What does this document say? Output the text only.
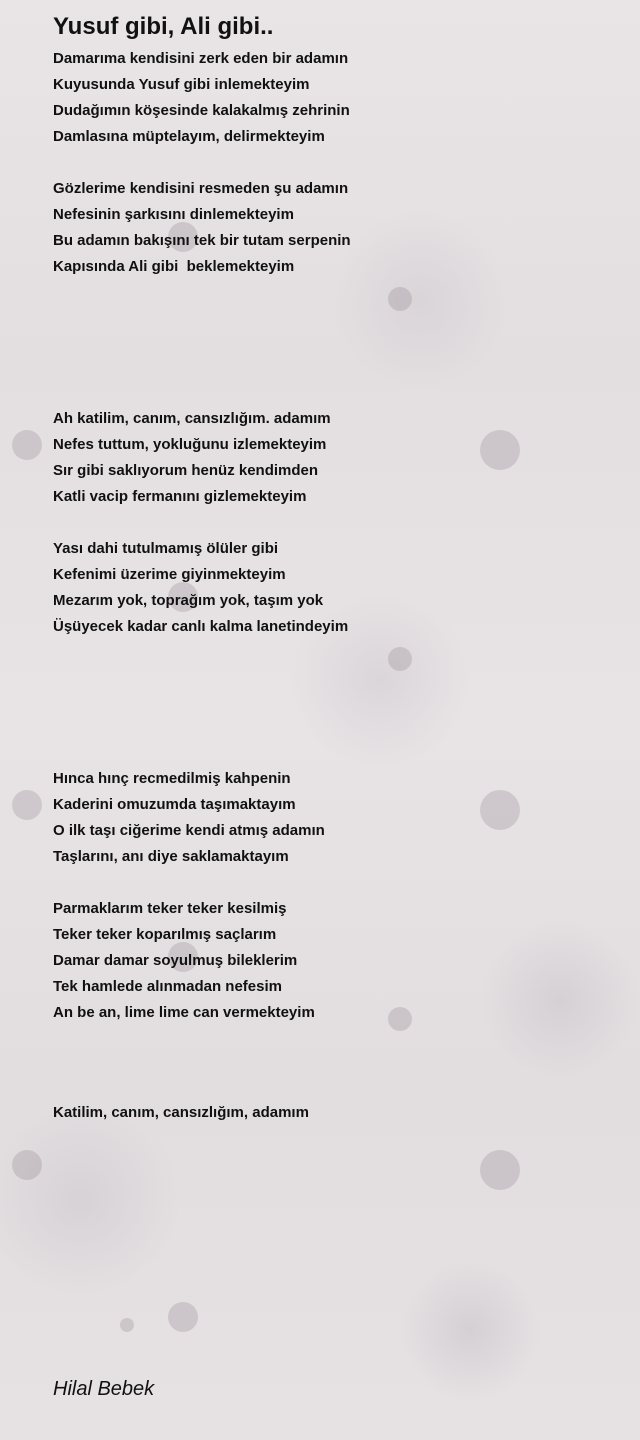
Yusuf gibi, Ali gibi..
Damarıma kendisini zerk eden bir adamın
Kuyusunda Yusuf gibi inlemekteyim
Dudağımın köşesinde kalakalmış zehrinin
Damlasına müptelayım, delirmekteyim
Gözlerime kendisini resmeden şu adamın
Nefesinin şarkısını dinlemekteyim
Bu adamın bakışını tek bir tutam serpenin
Kapısında Ali gibi  beklemekteyim
Ah katilim, canım, cansızlığım. adamım
Nefes tuttum, yokluğunu izlemekteyim
Sır gibi saklıyorum henüz kendimden
Katli vacip fermanını gizlemekteyim
Yası dahi tutulmamış ölüler gibi
Kefenimi üzerime giyinmekteyim
Mezarım yok, toprağım yok, taşım yok
Üşüyecek kadar canlı kalma lanetindeyim
Hınca hınç recmedilmiş kahpenin
Kaderini omuzumda taşımaktayım
O ilk taşı ciğerime kendi atmış adamın
Taşlarını, anı diye saklamaktayım
Parmaklarım teker teker kesilmiş
Teker teker koparılmış saçlarım
Damar damar soyulmuş bileklerim
Tek hamlede alınmadan nefesim
An be an, lime lime can vermekteyim
Katilim, canım, cansızlığım, adamım
Hilal Bebek
